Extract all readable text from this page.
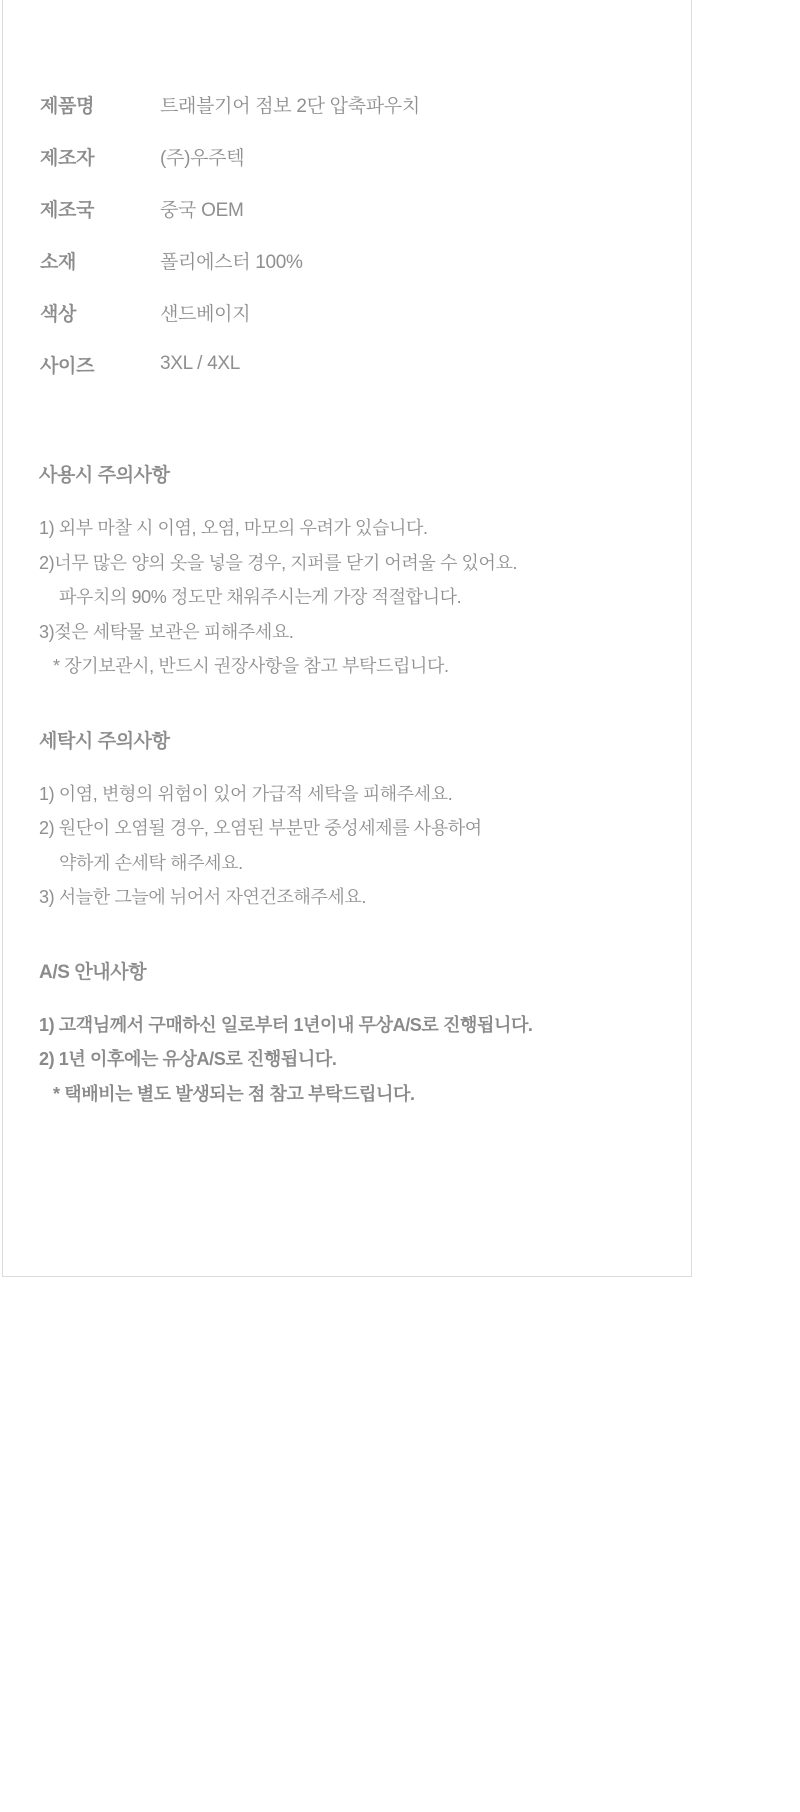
제품명	트래블기어 점보 2단 압축파우치
제조자	(주)우주텍
제조국	중국 OEM
소재	폴리에스터 100%
색상	샌드베이지
사이즈	3XL / 4XL
사용시 주의사항
1) 외부 마찰 시 이염, 오염, 마모의 우려가 있습니다.
2)너무 많은 양의 옷을 넣을 경우, 지퍼를 닫기 어려울 수 있어요.
파우치의 90% 정도만 채워주시는게 가장 적절합니다.
3)젖은 세탁물 보관은 피해주세요.
* 장기보관시, 반드시 권장사항을 참고 부탁드립니다.
세탁시 주의사항
1) 이염, 변형의 위험이 있어 가급적 세탁을 피해주세요.
2) 원단이 오염될 경우, 오염된 부분만 중성세제를 사용하여
약하게 손세탁 해주세요.
3) 서늘한 그늘에 뉘어서 자연건조해주세요.
A/S 안내사항
1) 고객님께서 구매하신 일로부터 1년이내 무상A/S로 진행됩니다.
2) 1년 이후에는 유상A/S로 진행됩니다.
* 택배비는 별도 발생되는 점 참고 부탁드립니다.
